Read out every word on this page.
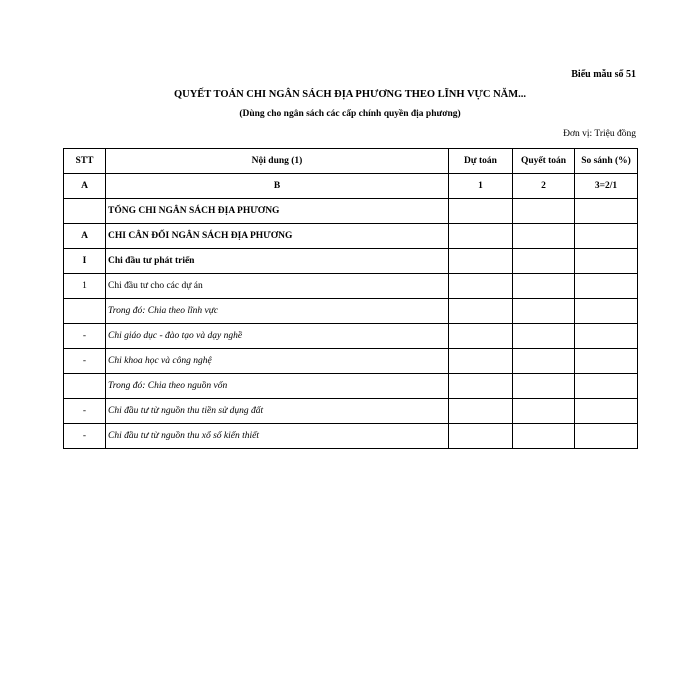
Biểu mẫu số 51
QUYẾT TOÁN CHI NGÂN SÁCH ĐỊA PHƯƠNG THEO LĨNH VỰC NĂM...
(Dùng cho ngân sách các cấp chính quyền địa phương)
Đơn vị: Triệu đồng
STT	Nội dung (1)	Dự toán	Quyết toán	So sánh (%)
A	B	1	2	3=2/1
	TỔNG CHI NGÂN SÁCH ĐỊA PHƯƠNG			
A	CHI CÂN ĐỐI NGÂN SÁCH ĐỊA PHƯƠNG			
I	Chi đầu tư phát triển			
1	Chi đầu tư cho các dự án			
	Trong đó: Chia theo lĩnh vực			
-	Chi giáo dục - đào tạo và dạy nghề			
-	Chi khoa học và công nghệ			
	Trong đó: Chia theo nguồn vốn			
-	Chi đầu tư từ nguồn thu tiền sử dụng đất			
-	Chi đầu tư từ nguồn thu xổ số kiến thiết			
